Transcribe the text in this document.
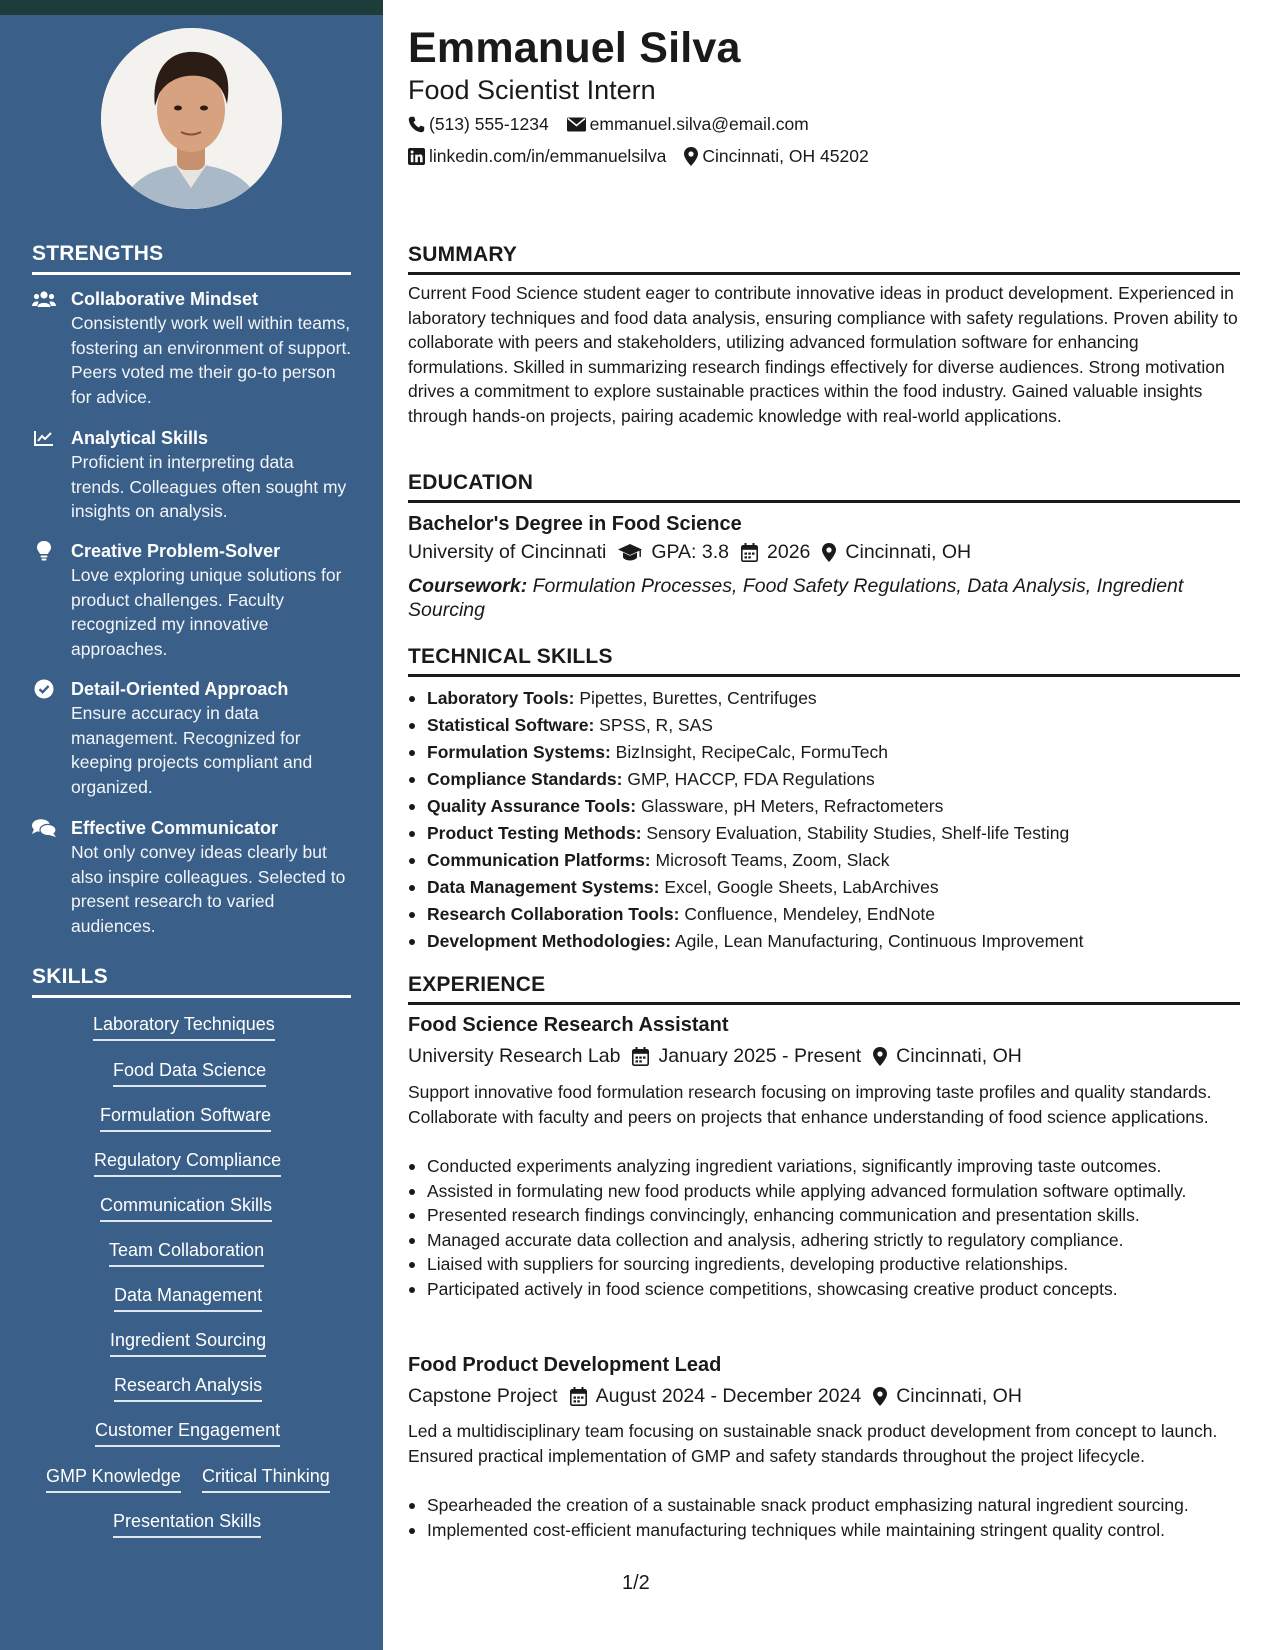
STRENGTHS
Collaborative Mindset
Consistently work well within teams, fostering an environment of support. Peers voted me their go-to person for advice.
Analytical Skills
Proficient in interpreting data trends. Colleagues often sought my insights on analysis.
Creative Problem-Solver
Love exploring unique solutions for product challenges. Faculty recognized my innovative approaches.
Detail-Oriented Approach
Ensure accuracy in data management. Recognized for keeping projects compliant and organized.
Effective Communicator
Not only convey ideas clearly but also inspire colleagues. Selected to present research to varied audiences.
SKILLS
Laboratory Techniques
Food Data Science
Formulation Software
Regulatory Compliance
Communication Skills
Team Collaboration
Data Management
Ingredient Sourcing
Research Analysis
Customer Engagement
GMP Knowledge Critical Thinking
Presentation Skills
Emmanuel Silva
Food Scientist Intern
(513) 555-1234 emmanuel.silva@email.com
linkedin.com/in/emmanuelsilva Cincinnati, OH 45202
SUMMARY

Current Food Science student eager to contribute innovative ideas in product development. Experienced in laboratory techniques and food data analysis, ensuring compliance with safety regulations. Proven ability to collaborate with peers and stakeholders, utilizing advanced formulation software for enhancing formulations. Skilled in summarizing research findings effectively for diverse audiences. Strong motivation drives a commitment to explore sustainable practices within the food industry. Gained valuable insights through hands-on projects, pairing academic knowledge with real-world applications.

EDUCATION
Bachelor's Degree in Food Science
University of Cincinnati GPA: 3.8 2026 Cincinnati, OH

Coursework: Formulation Processes, Food Safety Regulations, Data Analysis, Ingredient Sourcing

TECHNICAL SKILLS
Laboratory Tools: Pipettes, Burettes, Centrifuges
Statistical Software: SPSS, R, SAS
Formulation Systems: BizInsight, RecipeCalc, FormuTech
Compliance Standards: GMP, HACCP, FDA Regulations
Quality Assurance Tools: Glassware, pH Meters, Refractometers
Product Testing Methods: Sensory Evaluation, Stability Studies, Shelf-life Testing
Communication Platforms: Microsoft Teams, Zoom, Slack
Data Management Systems: Excel, Google Sheets, LabArchives
Research Collaboration Tools: Confluence, Mendeley, EndNote
Development Methodologies: Agile, Lean Manufacturing, Continuous Improvement
EXPERIENCE
Food Science Research Assistant
University Research Lab January 2025 - Present Cincinnati, OH

Support innovative food formulation research focusing on improving taste profiles and quality standards. Collaborate with faculty and peers on projects that enhance understanding of food science applications.

Conducted experiments analyzing ingredient variations, significantly improving taste outcomes.
Assisted in formulating new food products while applying advanced formulation software optimally.
Presented research findings convincingly, enhancing communication and presentation skills.
Managed accurate data collection and analysis, adhering strictly to regulatory compliance.
Liaised with suppliers for sourcing ingredients, developing productive relationships.
Participated actively in food science competitions, showcasing creative product concepts.
Food Product Development Lead
Capstone Project August 2024 - December 2024 Cincinnati, OH

Led a multidisciplinary team focusing on sustainable snack product development from concept to launch. Ensured practical implementation of GMP and safety standards throughout the project lifecycle.

Spearheaded the creation of a sustainable snack product emphasizing natural ingredient sourcing.
Implemented cost-efficient manufacturing techniques while maintaining stringent quality control.
1/2
